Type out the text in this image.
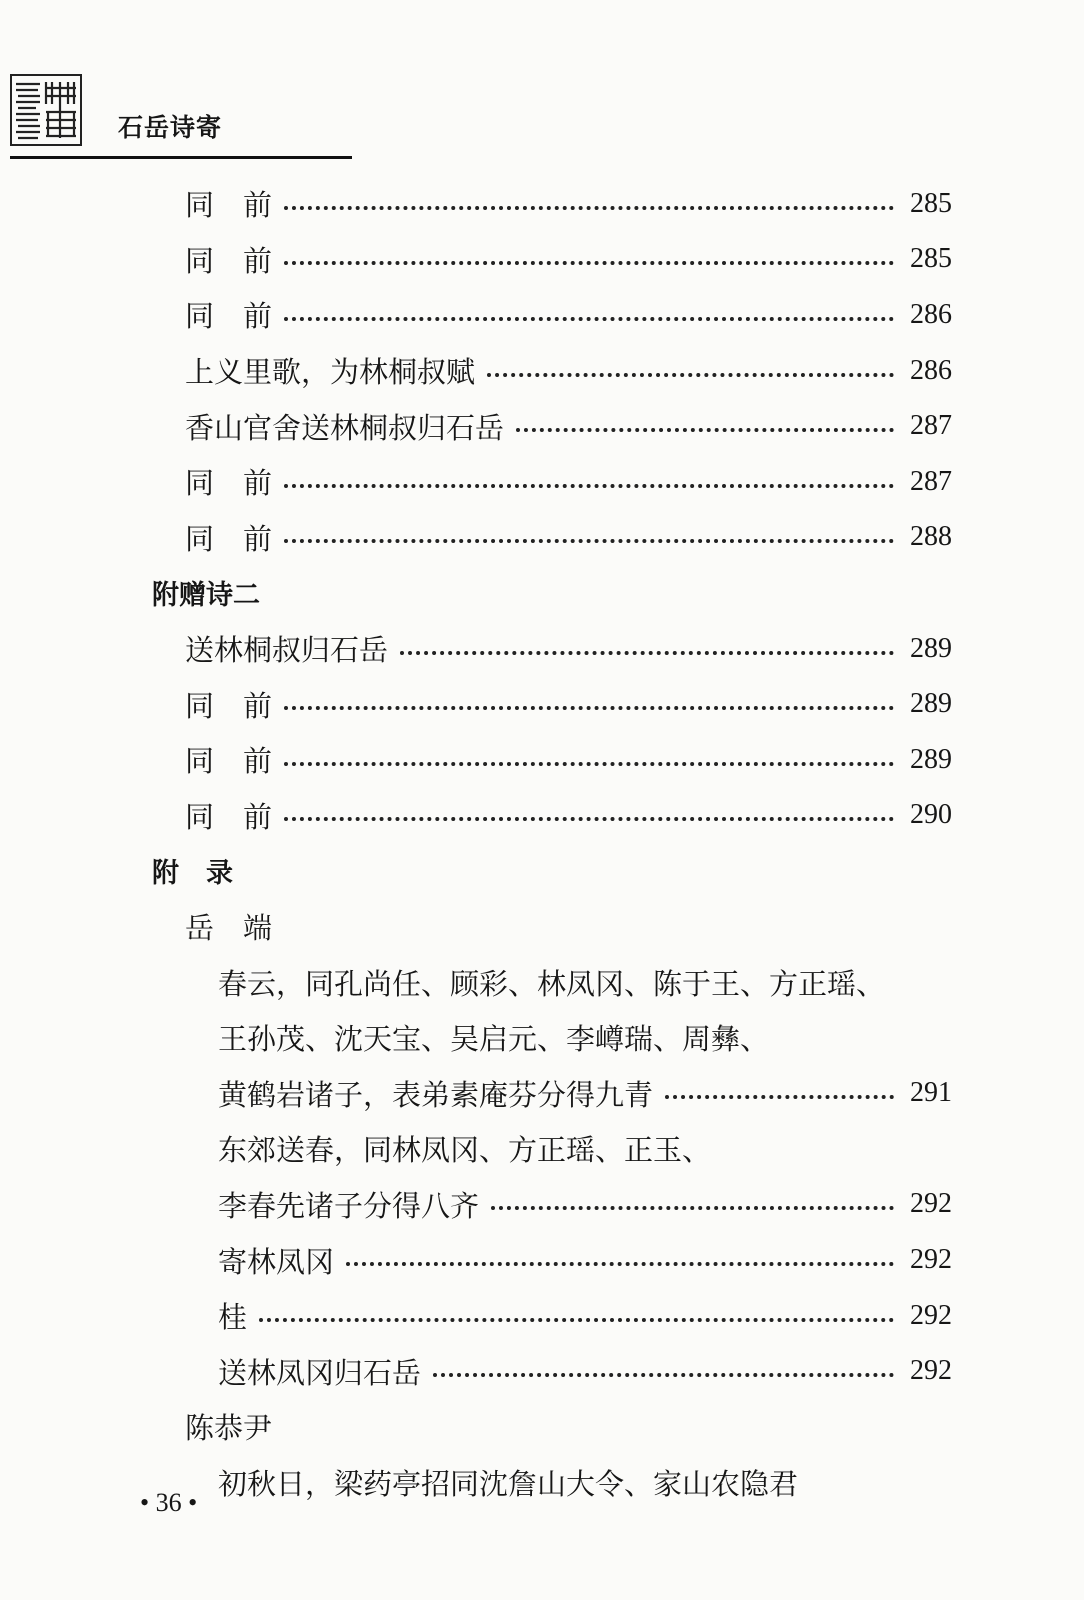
石岳诗寄
同　前	285
同　前	285
同　前	286
上义里歌，为林桐叔赋	286
香山官舍送林桐叔归石岳	287
同　前	287
同　前	288
附赠诗二
送林桐叔归石岳	289
同　前	289
同　前	289
同　前	290
附　录
岳　端
春云，同孔尚任、顾彩、林凤冈、陈于王、方正瑶、
王孙茂、沈天宝、吴启元、李嶟瑞、周彝、
黄鹤岩诸子，表弟素庵芬分得九青	291
东郊送春，同林凤冈、方正瑶、正玉、
李春先诸子分得八齐	292
寄林凤冈	292
桂	292
送林凤冈归石岳	292
陈恭尹
初秋日，梁药亭招同沈詹山大令、家山农隐君
• 36 •
